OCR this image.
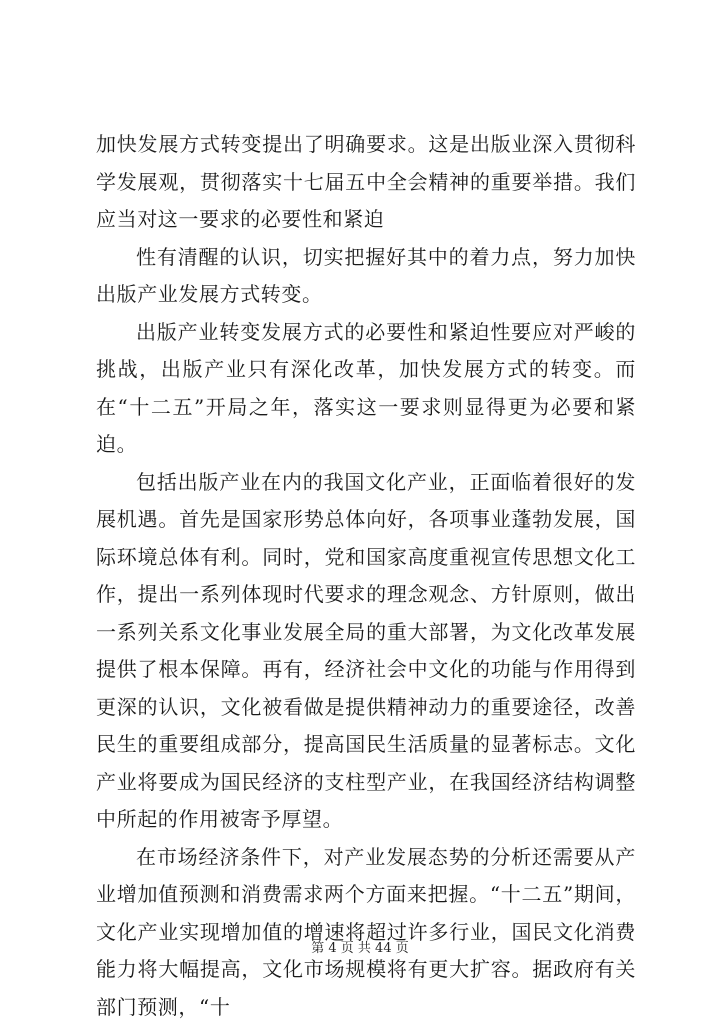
加快发展方式转变提出了明确要求。这是出版业深入贯彻科学发展观，贯彻落实十七届五中全会精神的重要举措。我们应当对这一要求的必要性和紧迫

性有清醒的认识，切实把握好其中的着力点，努力加快出版产业发展方式转变。

出版产业转变发展方式的必要性和紧迫性要应对严峻的挑战，出版产业只有深化改革，加快发展方式的转变。而在“十二五”开局之年，落实这一要求则显得更为必要和紧迫。

包括出版产业在内的我国文化产业，正面临着很好的发展机遇。首先是国家形势总体向好，各项事业蓬勃发展，国际环境总体有利。同时，党和国家高度重视宣传思想文化工作，提出一系列体现时代要求的理念观念、方针原则，做出一系列关系文化事业发展全局的重大部署，为文化改革发展提供了根本保障。再有，经济社会中文化的功能与作用得到更深的认识，文化被看做是提供精神动力的重要途径，改善民生的重要组成部分，提高国民生活质量的显著标志。文化产业将要成为国民经济的支柱型产业，在我国经济结构调整中所起的作用被寄予厚望。

在市场经济条件下，对产业发展态势的分析还需要从产业增加值预测和消费需求两个方面来把握。“十二五”期间，文化产业实现增加值的增速将超过许多行业，国民文化消费能力将大幅提高，文化市场规模将有更大扩容。据政府有关部门预测，“十

第 4 页 共 44 页
